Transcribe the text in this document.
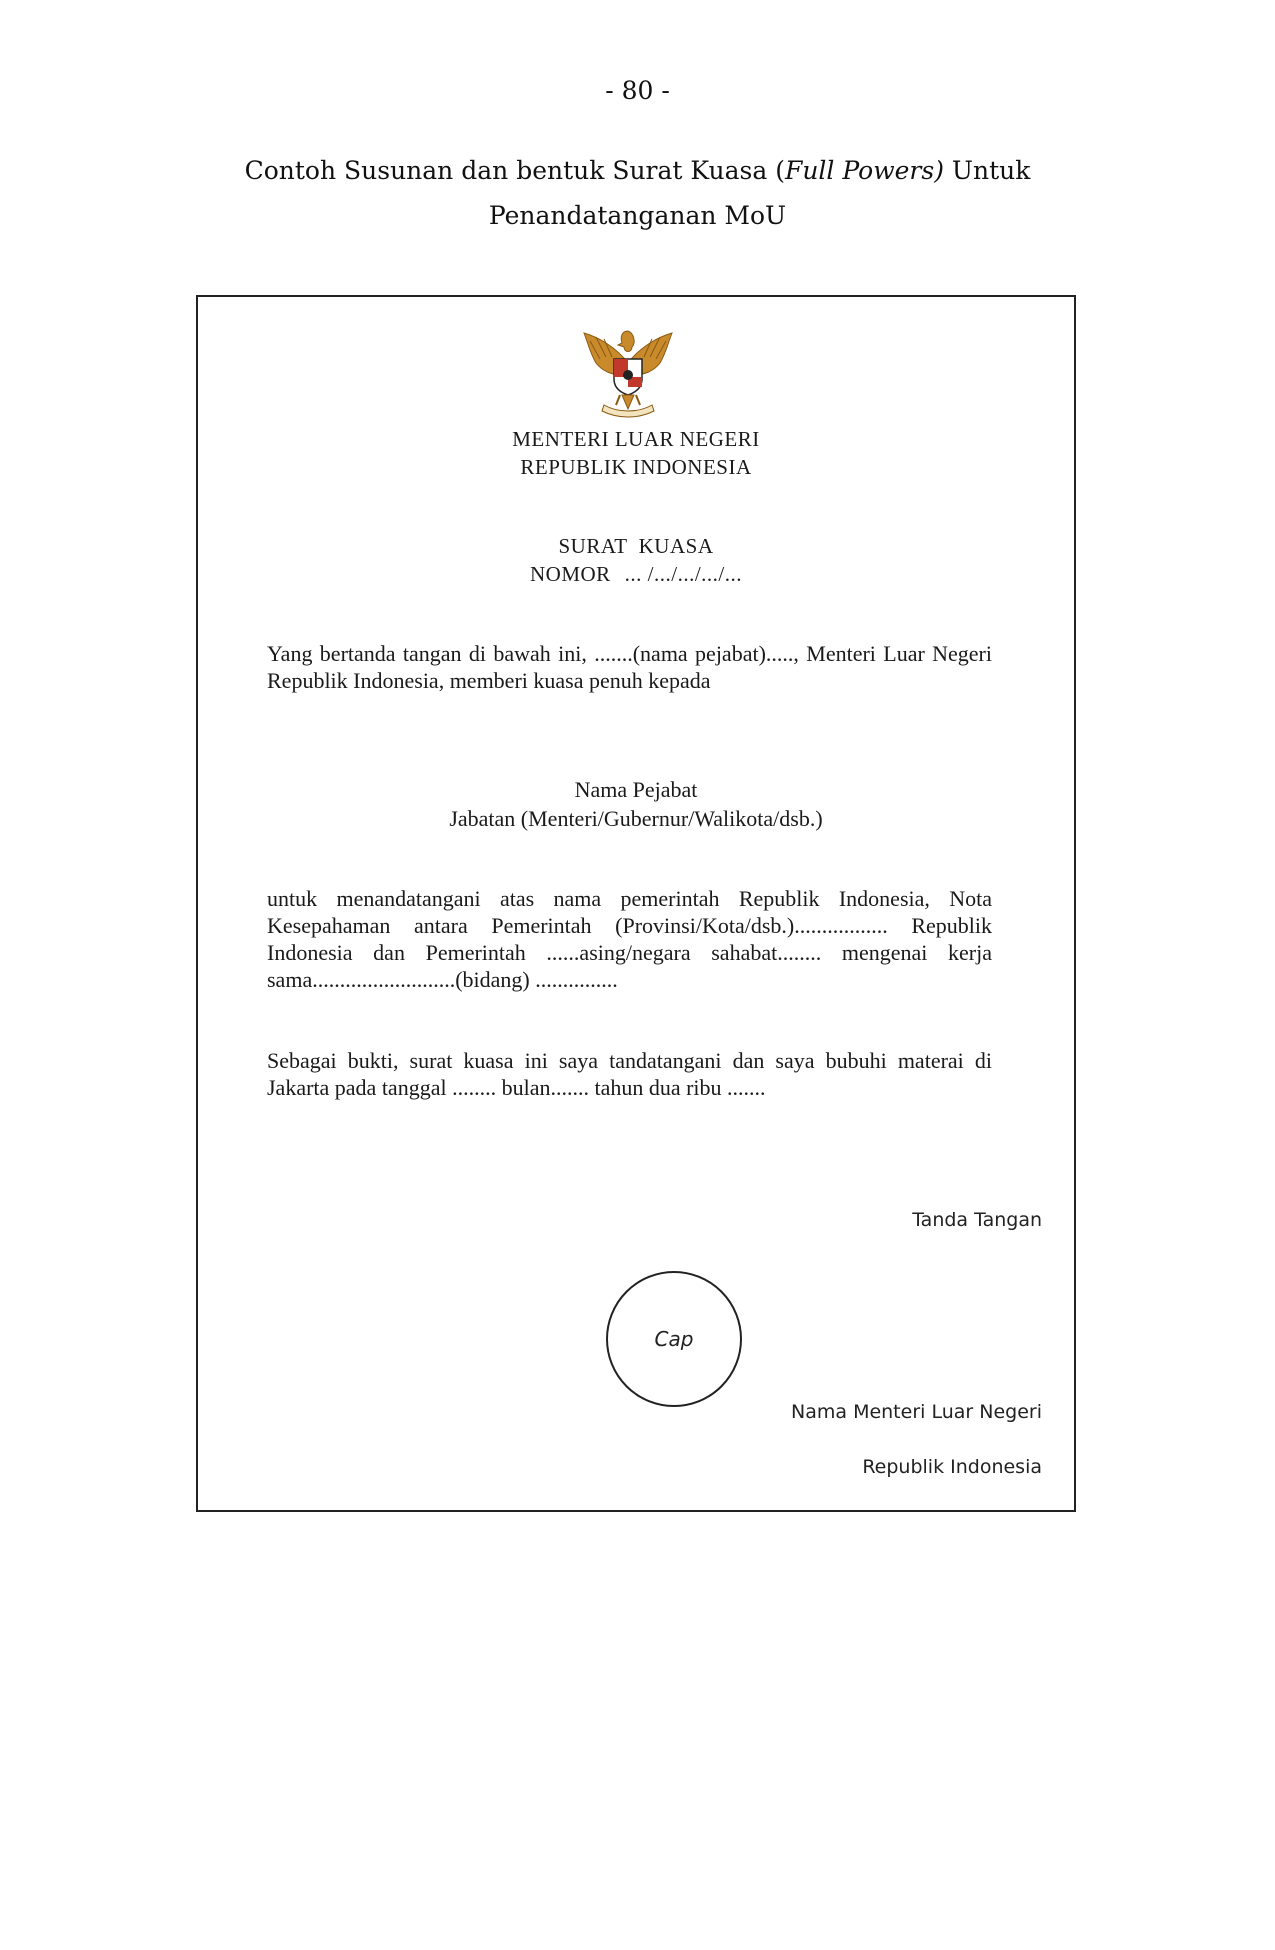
- 80 -
Contoh Susunan dan bentuk Surat Kuasa (Full Powers) Untuk
Penandatanganan MoU
MENTERI LUAR NEGERI
REPUBLIK INDONESIA
SURAT  KUASA
NOMOR ... /.../.../.../...
Yang bertanda tangan di bawah ini, .......(nama pejabat)....., Menteri Luar Negeri Republik Indonesia, memberi kuasa penuh kepada
Nama Pejabat
Jabatan (Menteri/Gubernur/Walikota/dsb.)
untuk menandatangani atas nama pemerintah Republik Indonesia, Nota Kesepahaman antara Pemerintah (Provinsi/Kota/dsb.)................. Republik Indonesia dan Pemerintah ......asing/negara sahabat........ mengenai kerja sama..........................(bidang) ...............
Sebagai bukti, surat kuasa ini saya tandatangani dan saya bubuhi materai di Jakarta pada tanggal ........ bulan....... tahun dua ribu .......
Tanda Tangan
Cap
Nama Menteri Luar Negeri
Republik Indonesia
